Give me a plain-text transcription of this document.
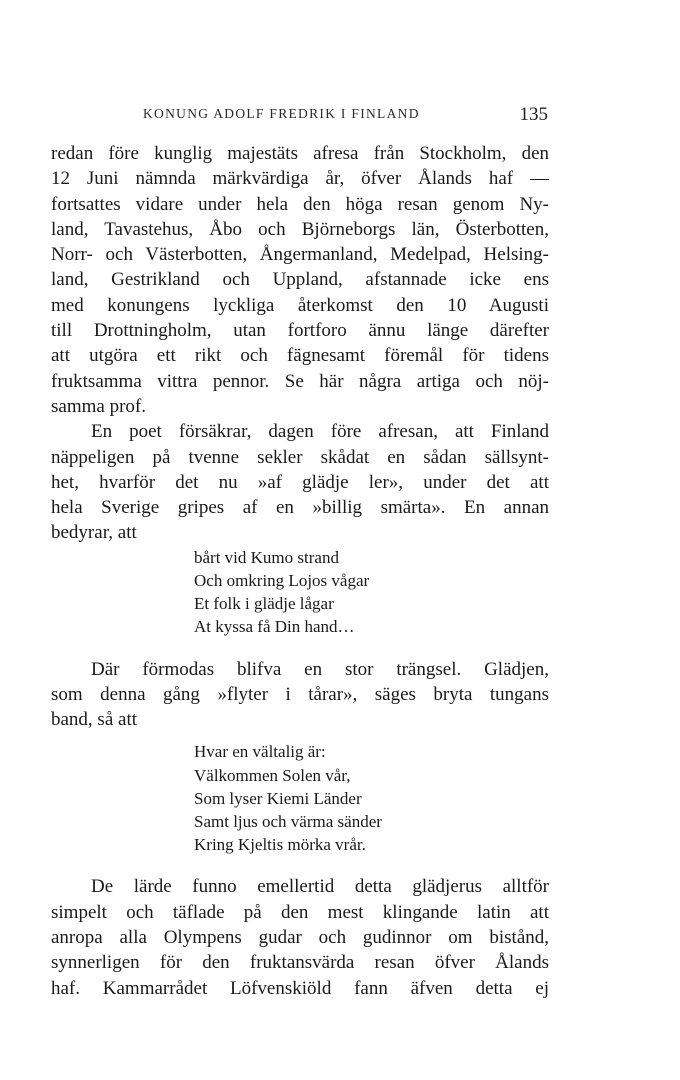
KONUNG ADOLF FREDRIK I FINLAND	135
redan före kunglig majestäts afresa från Stockholm, den
12 Juni nämnda märkvärdiga år, öfver Ålands haf —
fortsattes vidare under hela den höga resan genom Ny-
land, Tavastehus, Åbo och Björneborgs län, Österbotten,
Norr- och Västerbotten, Ångermanland, Medelpad, Helsing-
land, Gestrikland och Uppland, afstannade icke ens
med konungens lyckliga återkomst den 10 Augusti
till Drottningholm, utan fortforo ännu länge därefter
att utgöra ett rikt och fägnesamt föremål för tidens
fruktsamma vittra pennor. Se här några artiga och nöj-
samma prof.
En poet försäkrar, dagen före afresan, att Finland
näppeligen på tvenne sekler skådat en sådan sällsynt-
het, hvarför det nu »af glädje ler», under det att
hela Sverige gripes af en »billig smärta». En annan
bedyrar, att
bårt vid Kumo strand
Och omkring Lojos vågar
Et folk i glädje lågar
At kyssa få Din hand…
Där förmodas blifva en stor trängsel. Glädjen,
som denna gång »flyter i tårar», säges bryta tungans
band, så att
Hvar en vältalig är:
Välkommen Solen vår,
Som lyser Kiemi Länder
Samt ljus och värma sänder
Kring Kjeltis mörka vrår.
De lärde funno emellertid detta glädjerus alltför
simpelt och täflade på den mest klingande latin att
anropa alla Olympens gudar och gudinnor om bistånd,
synnerligen för den fruktansvärda resan öfver Ålands
haf. Kammarrådet Löfvenskiöld fann äfven detta ej
